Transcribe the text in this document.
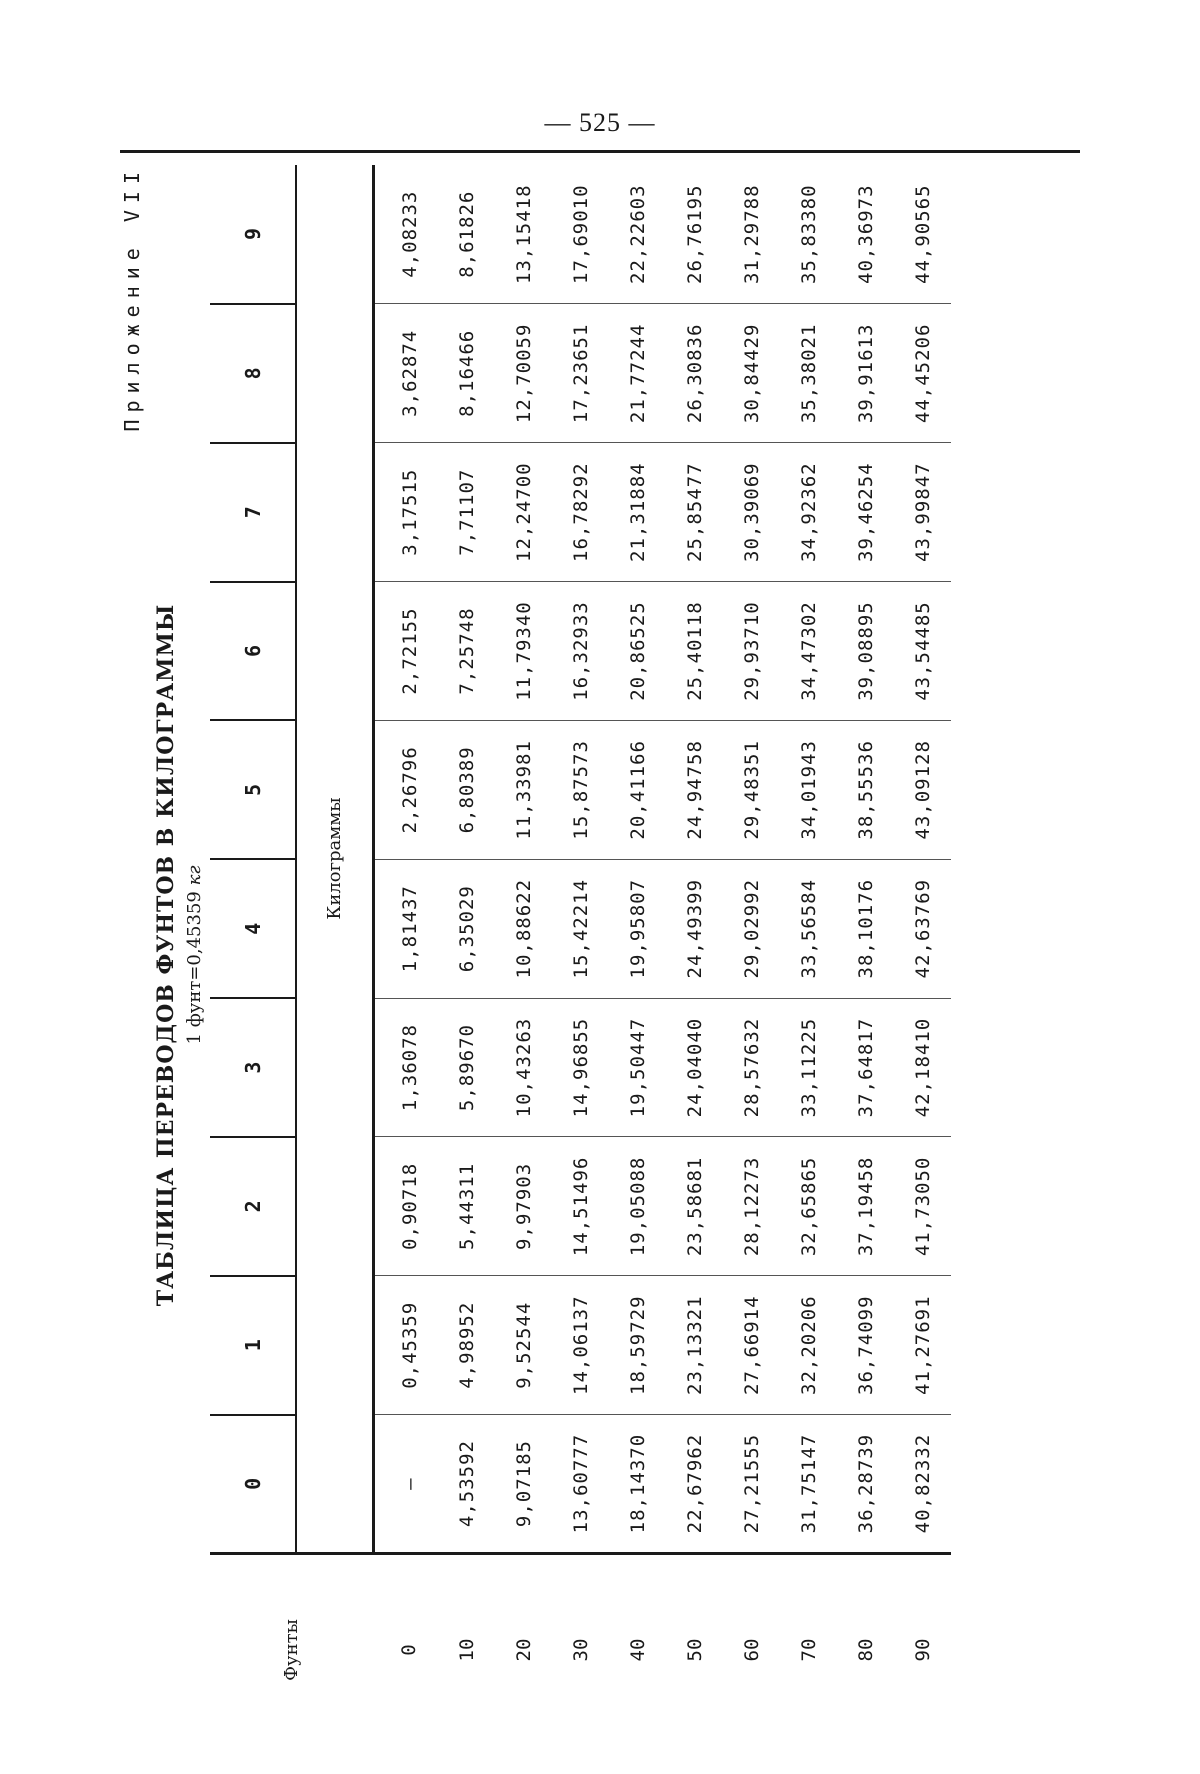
— 525 —
Приложение VII
ТАБЛИЦА ПЕРЕВОДОВ ФУНТОВ В КИЛОГРАММЫ 1 фунт=0,45359 кг
Фунты	0	1	2	3	4	5	6	7	8	9
	Килограммы									
0	—	0,45359	0,90718	1,36078	1,81437	2,26796	2,72155	3,17515	3,62874	4,08233
10	4,53592	4,98952	5,44311	5,89670	6,35029	6,80389	7,25748	7,71107	8,16466	8,61826
20	9,07185	9,52544	9,97903	10,43263	10,88622	11,33981	11,79340	12,24700	12,70059	13,15418
30	13,60777	14,06137	14,51496	14,96855	15,42214	15,87573	16,32933	16,78292	17,23651	17,69010
40	18,14370	18,59729	19,05088	19,50447	19,95807	20,41166	20,86525	21,31884	21,77244	22,22603
50	22,67962	23,13321	23,58681	24,04040	24,49399	24,94758	25,40118	25,85477	26,30836	26,76195
60	27,21555	27,66914	28,12273	28,57632	29,02992	29,48351	29,93710	30,39069	30,84429	31,29788
70	31,75147	32,20206	32,65865	33,11225	33,56584	34,01943	34,47302	34,92362	35,38021	35,83380
80	36,28739	36,74099	37,19458	37,64817	38,10176	38,55536	39,08895	39,46254	39,91613	40,36973
90	40,82332	41,27691	41,73050	42,18410	42,63769	43,09128	43,54485	43,99847	44,45206	44,90565
